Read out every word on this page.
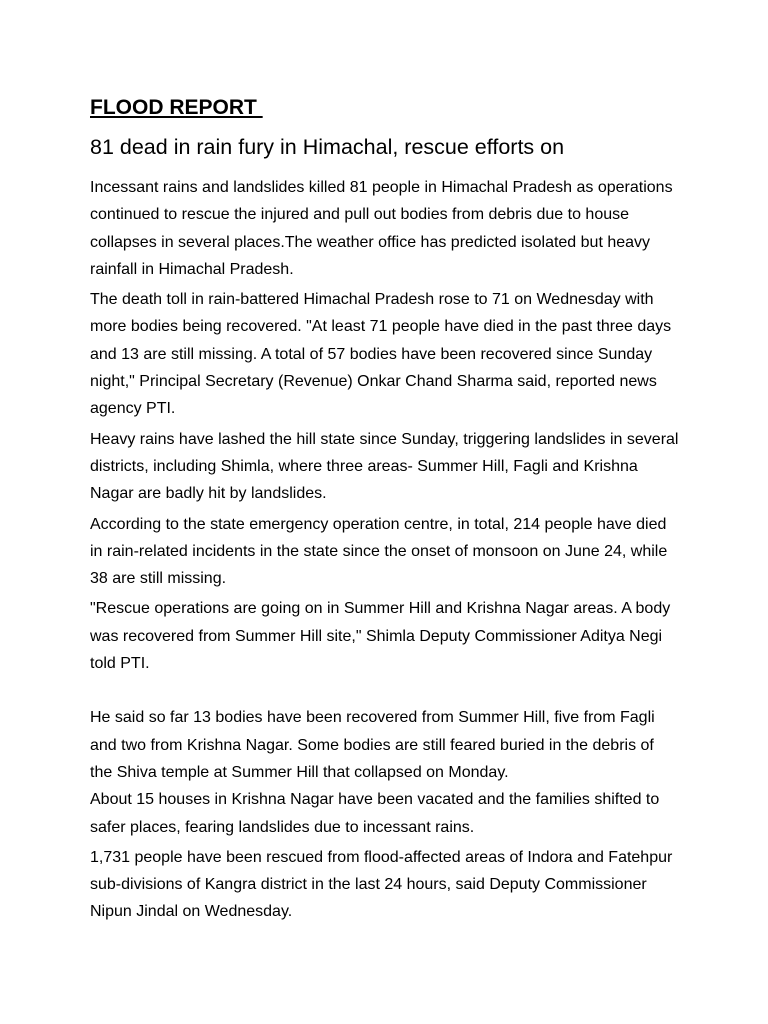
FLOOD REPORT
81 dead in rain fury in Himachal, rescue efforts on

Incessant rains and landslides killed 81 people in Himachal Pradesh as operations continued to rescue the injured and pull out bodies from debris due to house collapses in several places.The weather office has predicted isolated but heavy rainfall in Himachal Pradesh.

The death toll in rain-battered Himachal Pradesh rose to 71 on Wednesday with more bodies being recovered. "At least 71 people have died in the past three days and 13 are still missing. A total of 57 bodies have been recovered since Sunday night," Principal Secretary (Revenue) Onkar Chand Sharma said, reported news agency PTI.

Heavy rains have lashed the hill state since Sunday, triggering landslides in several districts, including Shimla, where three areas- Summer Hill, Fagli and Krishna Nagar are badly hit by landslides.

According to the state emergency operation centre, in total, 214 people have died in rain-related incidents in the state since the onset of monsoon on June 24, while 38 are still missing.

"Rescue operations are going on in Summer Hill and Krishna Nagar areas. A body was recovered from Summer Hill site," Shimla Deputy Commissioner Aditya Negi told PTI.

He said so far 13 bodies have been recovered from Summer Hill, five from Fagli and two from Krishna Nagar. Some bodies are still feared buried in the debris of the Shiva temple at Summer Hill that collapsed on Monday.

About 15 houses in Krishna Nagar have been vacated and the families shifted to safer places, fearing landslides due to incessant rains.

1,731 people have been rescued from flood-affected areas of Indora and Fatehpur sub-divisions of Kangra district in the last 24 hours, said Deputy Commissioner Nipun Jindal on Wednesday.
